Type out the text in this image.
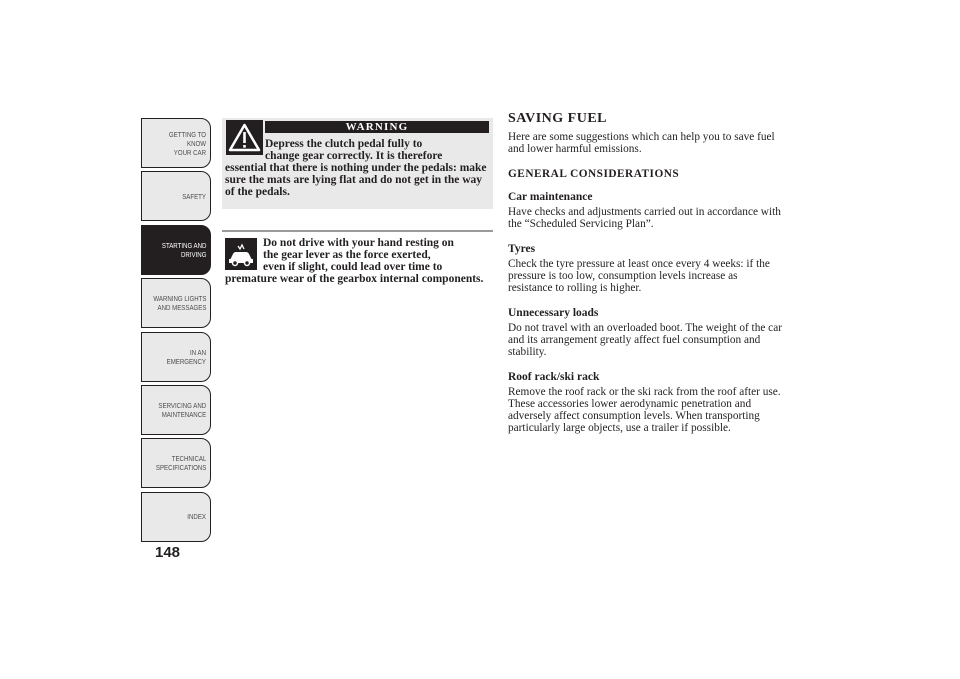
GETTING TO KNOW
YOUR CAR
SAFETY
STARTING AND
DRIVING
WARNING LIGHTS
AND MESSAGES
IN AN EMERGENCY
SERVICING AND
MAINTENANCE
TECHNICAL
SPECIFICATIONS
INDEX
148
WARNING
Depress the clutch pedal fully to
change gear correctly. It is therefore
essential that there is nothing under the pedals: make sure the mats are lying flat and do not get in the way of the pedals.
Do not drive with your hand resting on
the gear lever as the force exerted,
even if slight, could lead over time to
premature wear of the gearbox internal components.
SAVING FUEL

Here are some suggestions which can help you to save fuel and lower harmful emissions.

GENERAL CONSIDERATIONS
Car maintenance

Have checks and adjustments carried out in accordance with the “Scheduled Servicing Plan”.

Tyres

Check the tyre pressure at least once every 4 weeks: if the pressure is too low, consumption levels increase as resistance to rolling is higher.

Unnecessary loads

Do not travel with an overloaded boot. The weight of the car and its arrangement greatly affect fuel consumption and stability.

Roof rack/ski rack

Remove the roof rack or the ski rack from the roof after use. These accessories lower aerodynamic penetration and adversely affect consumption levels. When transporting particularly large objects, use a trailer if possible.
